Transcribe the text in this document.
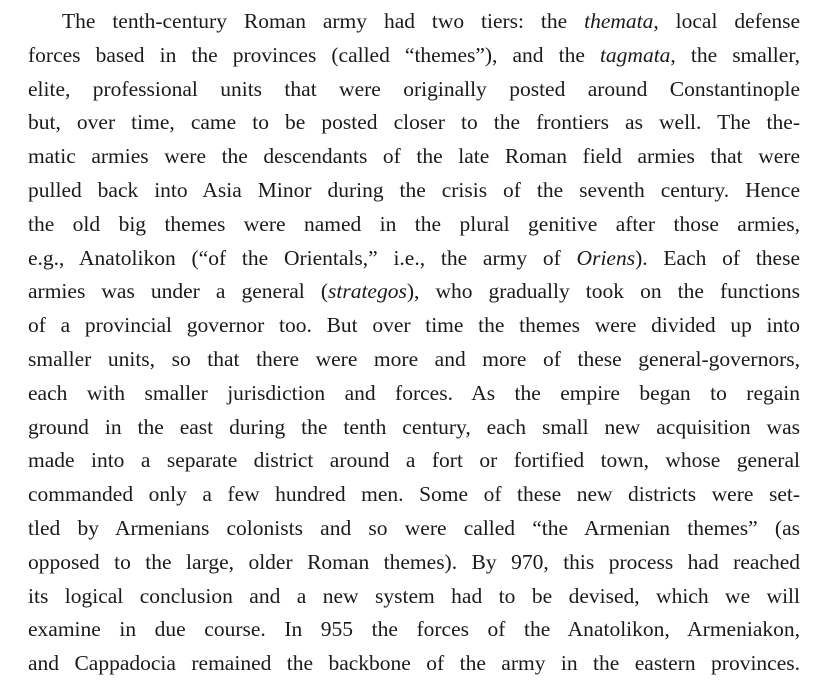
The tenth-century Roman army had two tiers: the themata, local defense
forces based in the provinces (called “themes”), and the tagmata, the smaller,
elite, professional units that were originally posted around Constantinople
but, over time, came to be posted closer to the frontiers as well. The the-
matic armies were the descendants of the late Roman field armies that were
pulled back into Asia Minor during the crisis of the seventh century. Hence
the old big themes were named in the plural genitive after those armies,
e.g., Anatolikon (“of the Orientals,” i.e., the army of Oriens). Each of these
armies was under a general (strategos), who gradually took on the functions
of a provincial governor too. But over time the themes were divided up into
smaller units, so that there were more and more of these general-governors,
each with smaller jurisdiction and forces. As the empire began to regain
ground in the east during the tenth century, each small new acquisition was
made into a separate district around a fort or fortified town, whose general
commanded only a few hundred men. Some of these new districts were set-
tled by Armenians colonists and so were called “the Armenian themes” (as
opposed to the large, older Roman themes). By 970, this process had reached
its logical conclusion and a new system had to be devised, which we will
examine in due course. In 955 the forces of the Anatolikon, Armeniakon,
and Cappadocia remained the backbone of the army in the eastern provinces.
